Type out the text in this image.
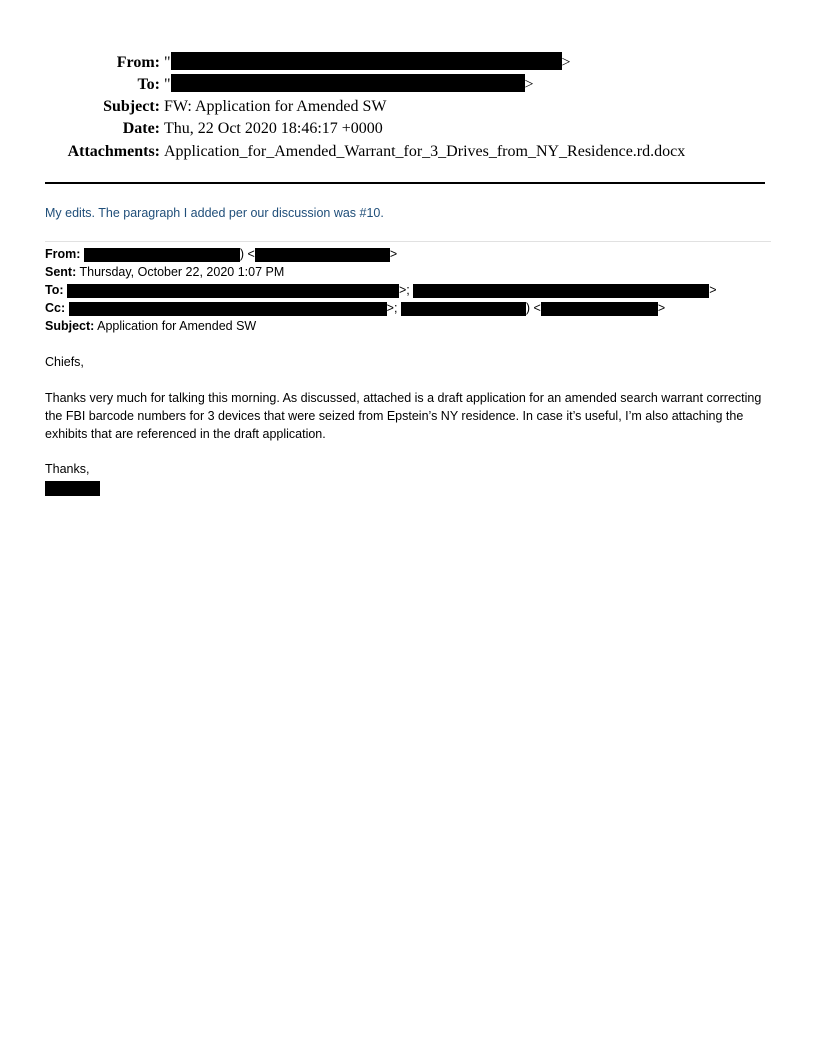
From: "	>
To: "	>
Subject: FW: Application for Amended SW
Date: Thu, 22 Oct 2020 18:46:17 +0000
Attachments: Application_for_Amended_Warrant_for_3_Drives_from_NY_Residence.rd.docx
My edits. The paragraph I added per our discussion was #10.
From:	) <	>
Sent: Thursday, October 22, 2020 1:07 PM
To:	>;	>
Cc:	>;	) <	>
Subject: Application for Amended SW
Chiefs,
Thanks very much for talking this morning. As discussed, attached is a draft application for an amended search warrant correcting the FBI barcode numbers for 3 devices that were seized from Epstein’s NY residence. In case it’s useful, I’m also attaching the exhibits that are referenced in the draft application.
Thanks,
